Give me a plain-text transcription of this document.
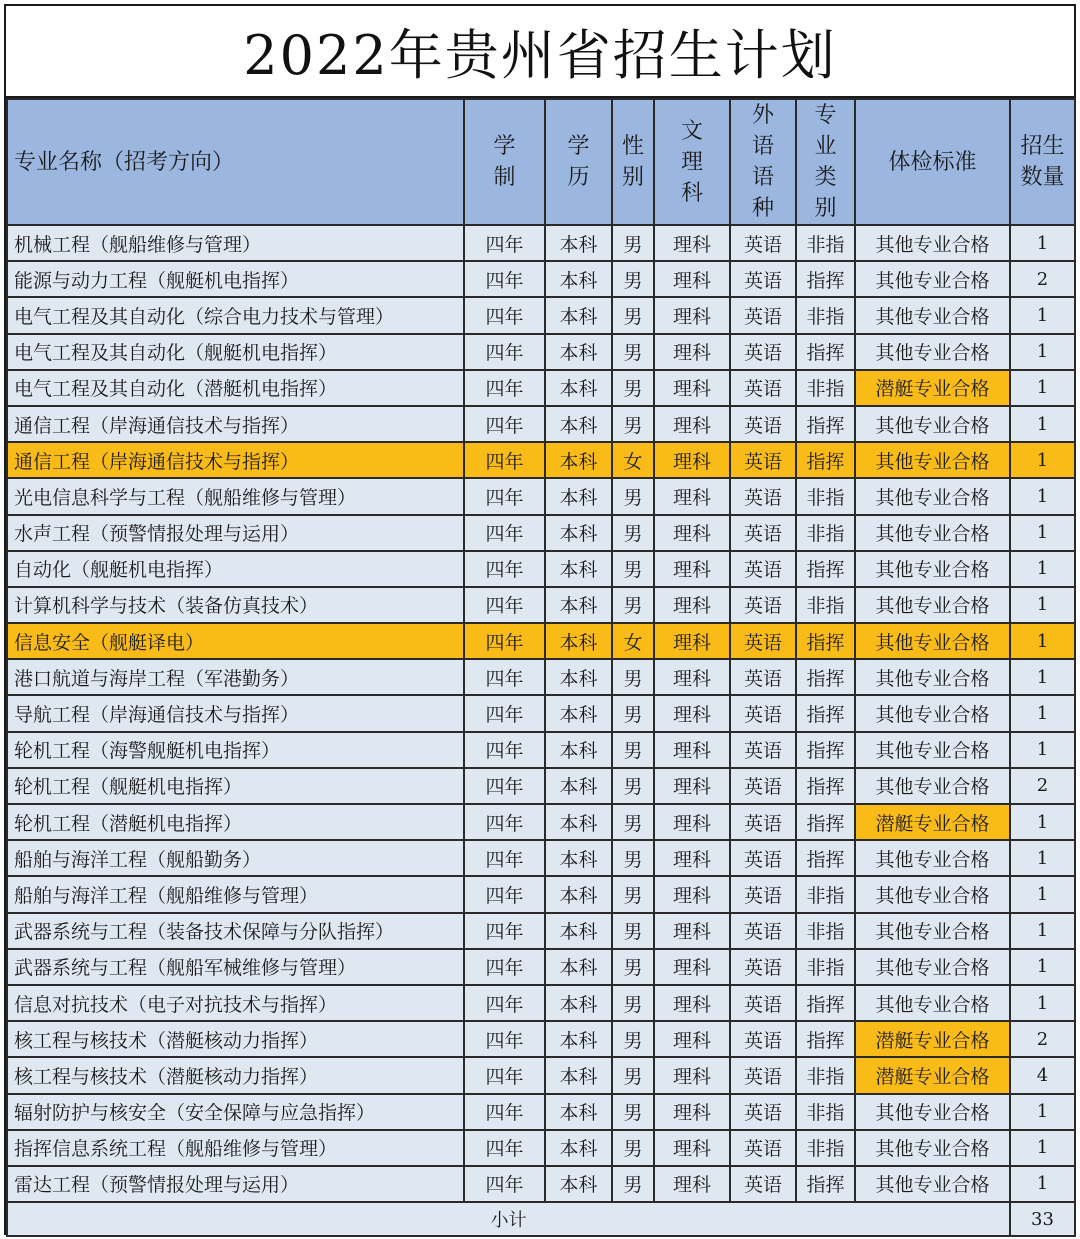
2022年贵州省招生计划
专业名称（招考方向）	学制	学历	性别	文理科	外语语种	专业类别	体检标准	招生数量
机械工程（舰船维修与管理）	四年	本科	男	理科	英语	非指	其他专业合格	1
能源与动力工程（舰艇机电指挥）	四年	本科	男	理科	英语	指挥	其他专业合格	2
电气工程及其自动化（综合电力技术与管理）	四年	本科	男	理科	英语	非指	其他专业合格	1
电气工程及其自动化（舰艇机电指挥）	四年	本科	男	理科	英语	指挥	其他专业合格	1
电气工程及其自动化（潜艇机电指挥）	四年	本科	男	理科	英语	非指	潜艇专业合格	1
通信工程（岸海通信技术与指挥）	四年	本科	男	理科	英语	指挥	其他专业合格	1
通信工程（岸海通信技术与指挥）	四年	本科	女	理科	英语	指挥	其他专业合格	1
光电信息科学与工程（舰船维修与管理）	四年	本科	男	理科	英语	非指	其他专业合格	1
水声工程（预警情报处理与运用）	四年	本科	男	理科	英语	非指	其他专业合格	1
自动化（舰艇机电指挥）	四年	本科	男	理科	英语	指挥	其他专业合格	1
计算机科学与技术（装备仿真技术）	四年	本科	男	理科	英语	非指	其他专业合格	1
信息安全（舰艇译电）	四年	本科	女	理科	英语	指挥	其他专业合格	1
港口航道与海岸工程（军港勤务）	四年	本科	男	理科	英语	指挥	其他专业合格	1
导航工程（岸海通信技术与指挥）	四年	本科	男	理科	英语	指挥	其他专业合格	1
轮机工程（海警舰艇机电指挥）	四年	本科	男	理科	英语	指挥	其他专业合格	1
轮机工程（舰艇机电指挥）	四年	本科	男	理科	英语	指挥	其他专业合格	2
轮机工程（潜艇机电指挥）	四年	本科	男	理科	英语	指挥	潜艇专业合格	1
船舶与海洋工程（舰船勤务）	四年	本科	男	理科	英语	指挥	其他专业合格	1
船舶与海洋工程（舰船维修与管理）	四年	本科	男	理科	英语	非指	其他专业合格	1
武器系统与工程（装备技术保障与分队指挥）	四年	本科	男	理科	英语	非指	其他专业合格	1
武器系统与工程（舰船军械维修与管理）	四年	本科	男	理科	英语	非指	其他专业合格	1
信息对抗技术（电子对抗技术与指挥）	四年	本科	男	理科	英语	指挥	其他专业合格	1
核工程与核技术（潜艇核动力指挥）	四年	本科	男	理科	英语	指挥	潜艇专业合格	2
核工程与核技术（潜艇核动力指挥）	四年	本科	男	理科	英语	非指	潜艇专业合格	4
辐射防护与核安全（安全保障与应急指挥）	四年	本科	男	理科	英语	非指	其他专业合格	1
指挥信息系统工程（舰船维修与管理）	四年	本科	男	理科	英语	非指	其他专业合格	1
雷达工程（预警情报处理与运用）	四年	本科	男	理科	英语	指挥	其他专业合格	1
小计								33
